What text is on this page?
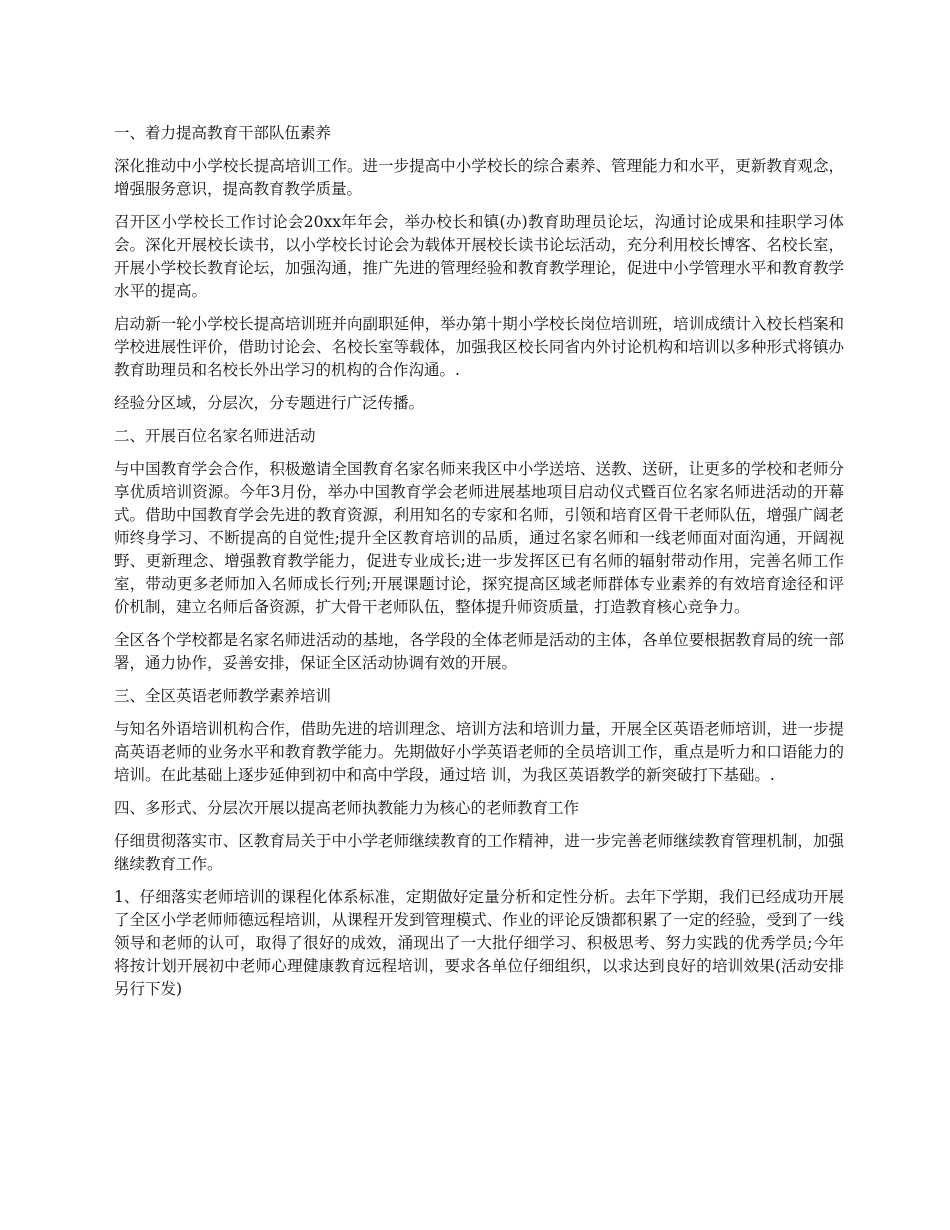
一、着力提高教育干部队伍素养

深化推动中小学校长提高培训工作。进一步提高中小学校长的综合素养、管理能力和水平，更新教育观念，增强服务意识，提高教育教学质量。

召开区小学校长工作讨论会20xx年年会，举办校长和镇(办)教育助理员论坛，沟通讨论成果和挂职学习体会。深化开展校长读书，以小学校长讨论会为载体开展校长读书论坛活动，充分利用校长博客、名校长室，开展小学校长教育论坛，加强沟通，推广先进的管理经验和教育教学理论，促进中小学管理水平和教育教学水平的提高。

启动新一轮小学校长提高培训班并向副职延伸，举办第十期小学校长岗位培训班，培训成绩计入校长档案和学校进展性评价，借助讨论会、名校长室等载体，加强我区校长同省内外讨论机构和培训以多种形式将镇办教育助理员和名校长外出学习的机构的合作沟通。.

经验分区域，分层次，分专题进行广泛传播。

二、开展百位名家名师进活动

与中国教育学会合作，积极邀请全国教育名家名师来我区中小学送培、送教、送研，让更多的学校和老师分享优质培训资源。今年3月份，举办中国教育学会老师进展基地项目启动仪式暨百位名家名师进活动的开幕式。借助中国教育学会先进的教育资源，利用知名的专家和名师，引领和培育区骨干老师队伍，增强广阔老师终身学习、不断提高的自觉性;提升全区教育培训的品质，通过名家名师和一线老师面对面沟通，开阔视野、更新理念、增强教育教学能力，促进专业成长;进一步发挥区已有名师的辐射带动作用，完善名师工作室，带动更多老师加入名师成长行列;开展课题讨论，探究提高区域老师群体专业素养的有效培育途径和评价机制，建立名师后备资源，扩大骨干老师队伍，整体提升师资质量，打造教育核心竞争力。

全区各个学校都是名家名师进活动的基地，各学段的全体老师是活动的主体，各单位要根据教育局的统一部署，通力协作，妥善安排，保证全区活动协调有效的开展。

三、全区英语老师教学素养培训

与知名外语培训机构合作，借助先进的培训理念、培训方法和培训力量，开展全区英语老师培训，进一步提高英语老师的业务水平和教育教学能力。先期做好小学英语老师的全员培训工作，重点是听力和口语能力的培训。在此基础上逐步延伸到初中和高中学段，通过培 训，为我区英语教学的新突破打下基础。.

四、多形式、分层次开展以提高老师执教能力为核心的老师教育工作

仔细贯彻落实市、区教育局关于中小学老师继续教育的工作精神，进一步完善老师继续教育管理机制，加强继续教育工作。

1、仔细落实老师培训的课程化体系标准，定期做好定量分析和定性分析。去年下学期，我们已经成功开展了全区小学老师师德远程培训，从课程开发到管理模式、作业的评论反馈都积累了一定的经验，受到了一线领导和老师的认可，取得了很好的成效，涌现出了一大批仔细学习、积极思考、努力实践的优秀学员;今年将按计划开展初中老师心理健康教育远程培训，要求各单位仔细组织，以求达到良好的培训效果(活动安排另行下发)
